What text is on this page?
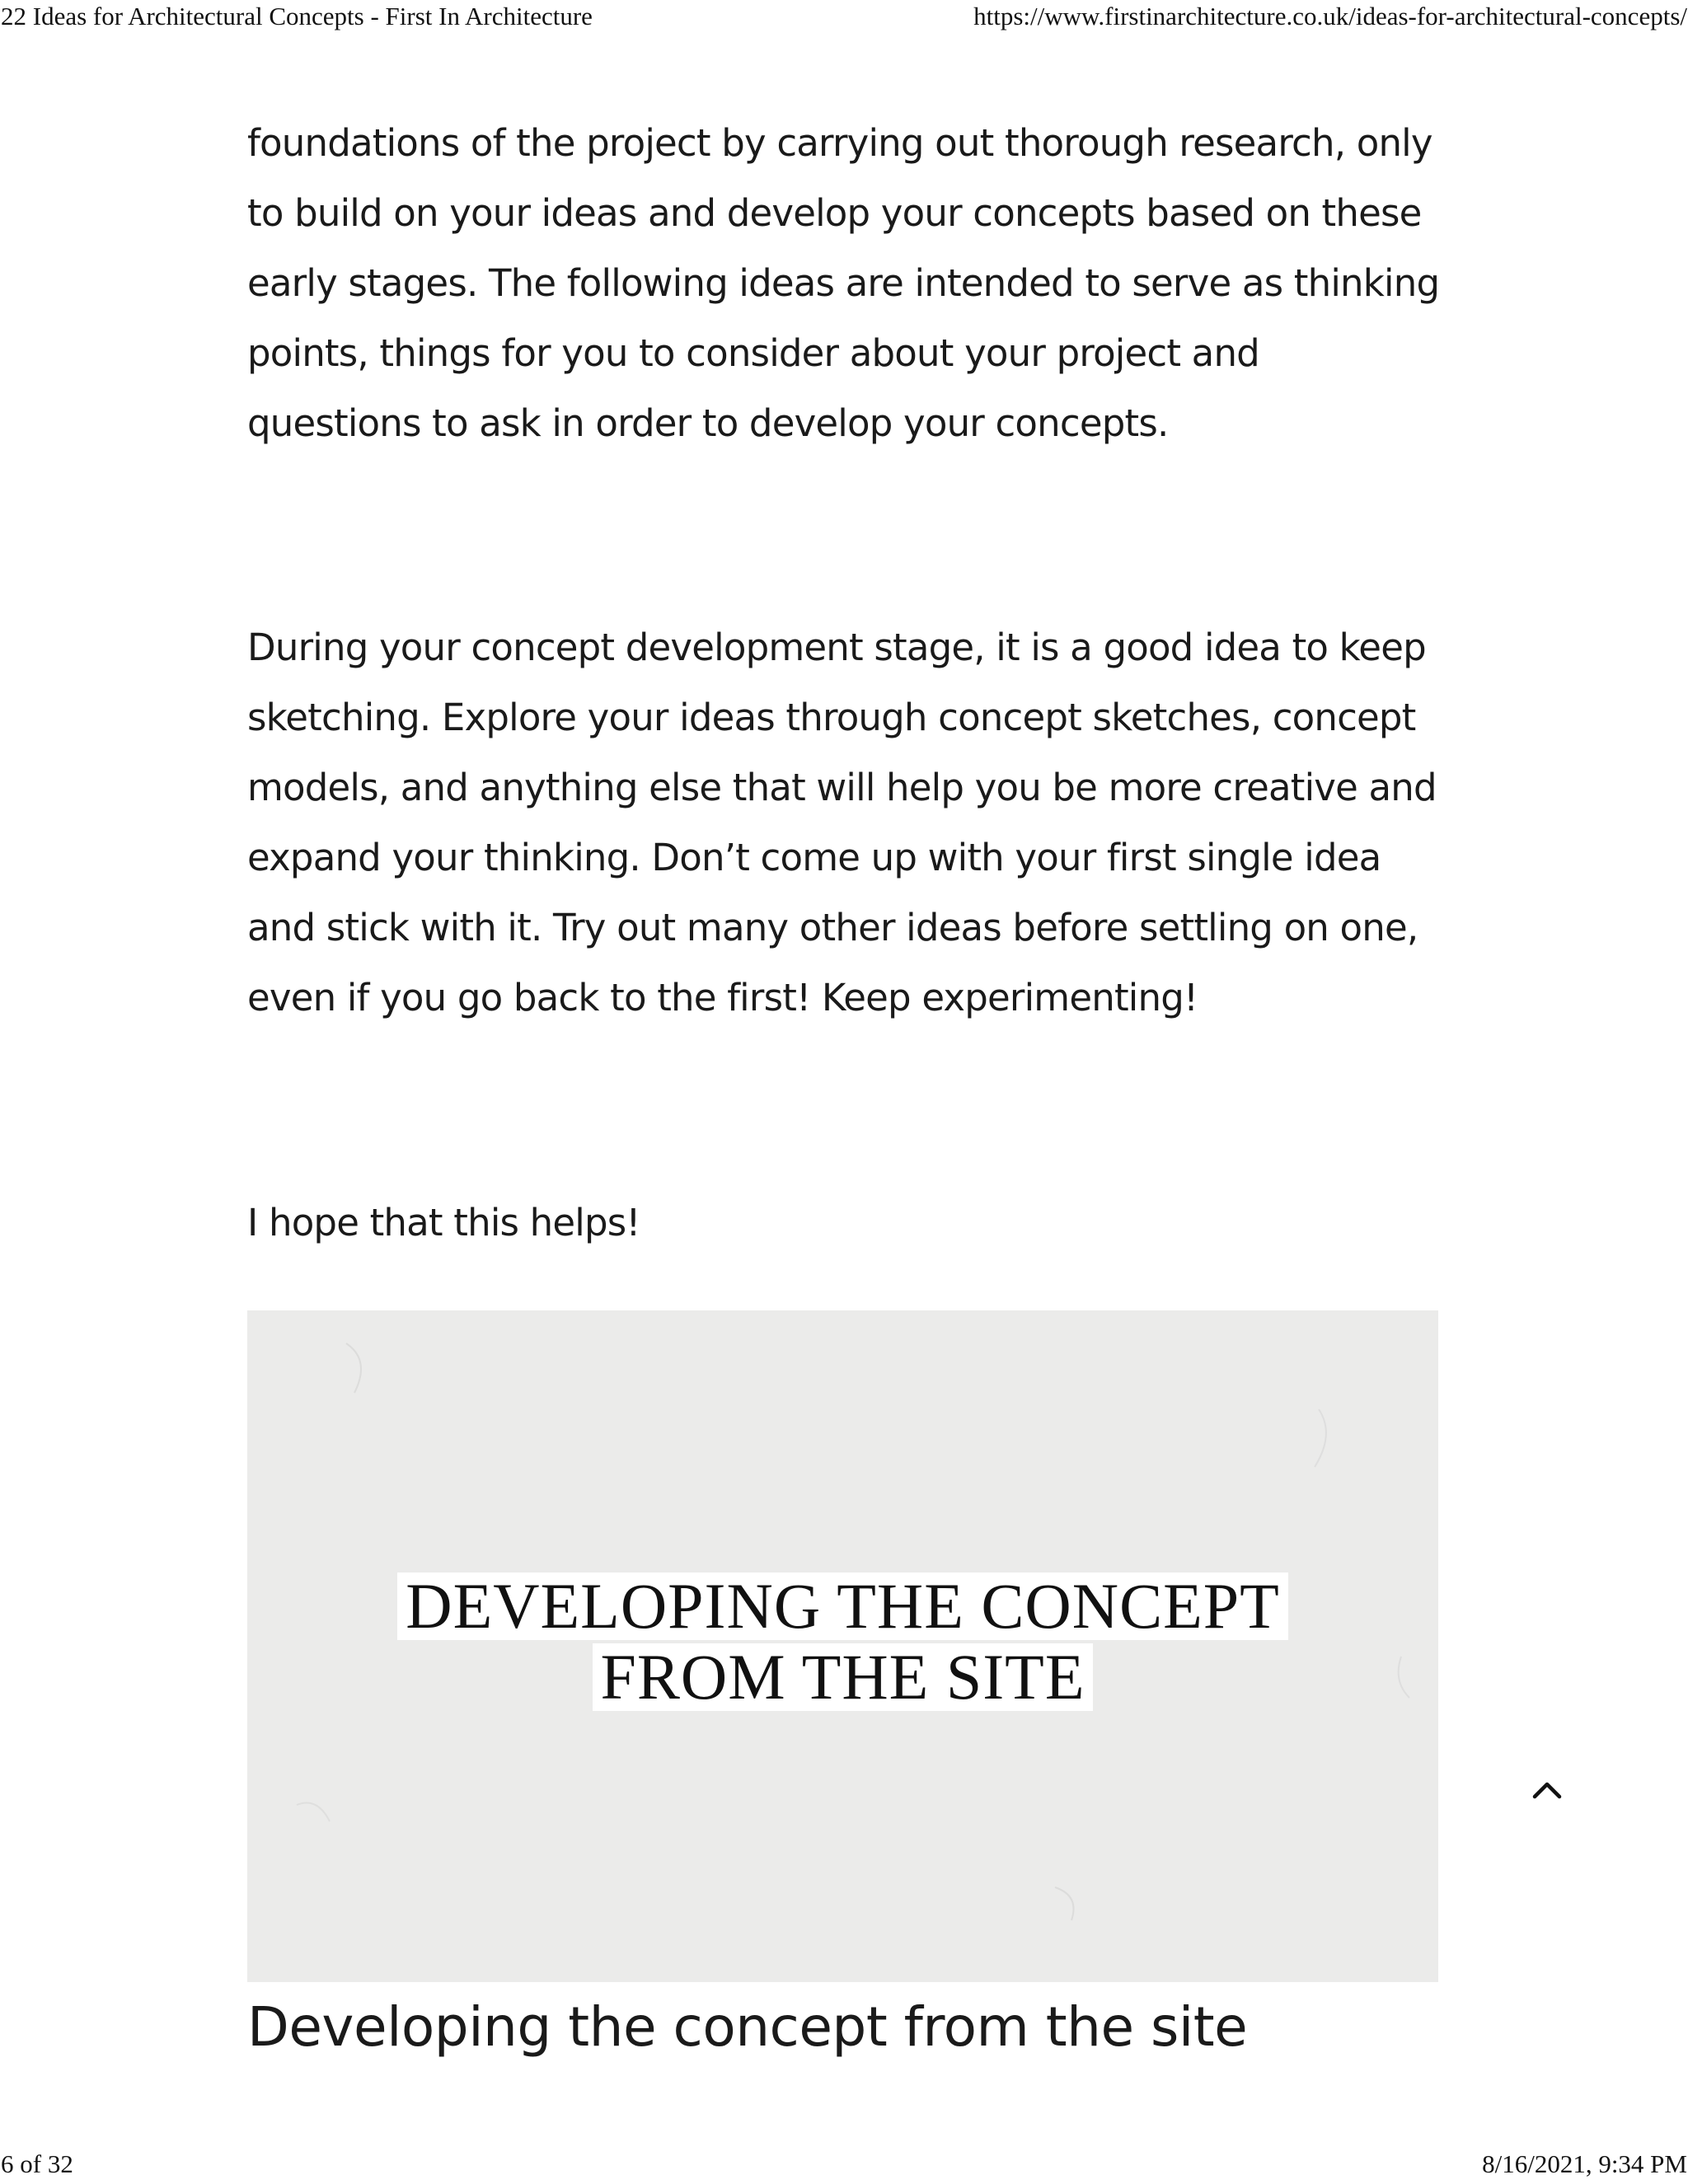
22 Ideas for Architectural Concepts - First In Architecture	https://www.firstinarchitecture.co.uk/ideas-for-architectural-concepts/

foundations of the project by carrying out thorough research, only to build on your ideas and develop your concepts based on these early stages. The following ideas are intended to serve as thinking points, things for you to consider about your project and questions to ask in order to develop your concepts.

During your concept development stage, it is a good idea to keep sketching. Explore your ideas through concept sketches, concept models, and anything else that will help you be more creative and expand your thinking. Don’t come up with your first single idea and stick with it. Try out many other ideas before settling on one, even if you go back to the first! Keep experimenting!

I hope that this helps!

DEVELOPING THE CONCEPT
FROM THE SITE
Developing the concept from the site
6 of 32	8/16/2021, 9:34 PM
